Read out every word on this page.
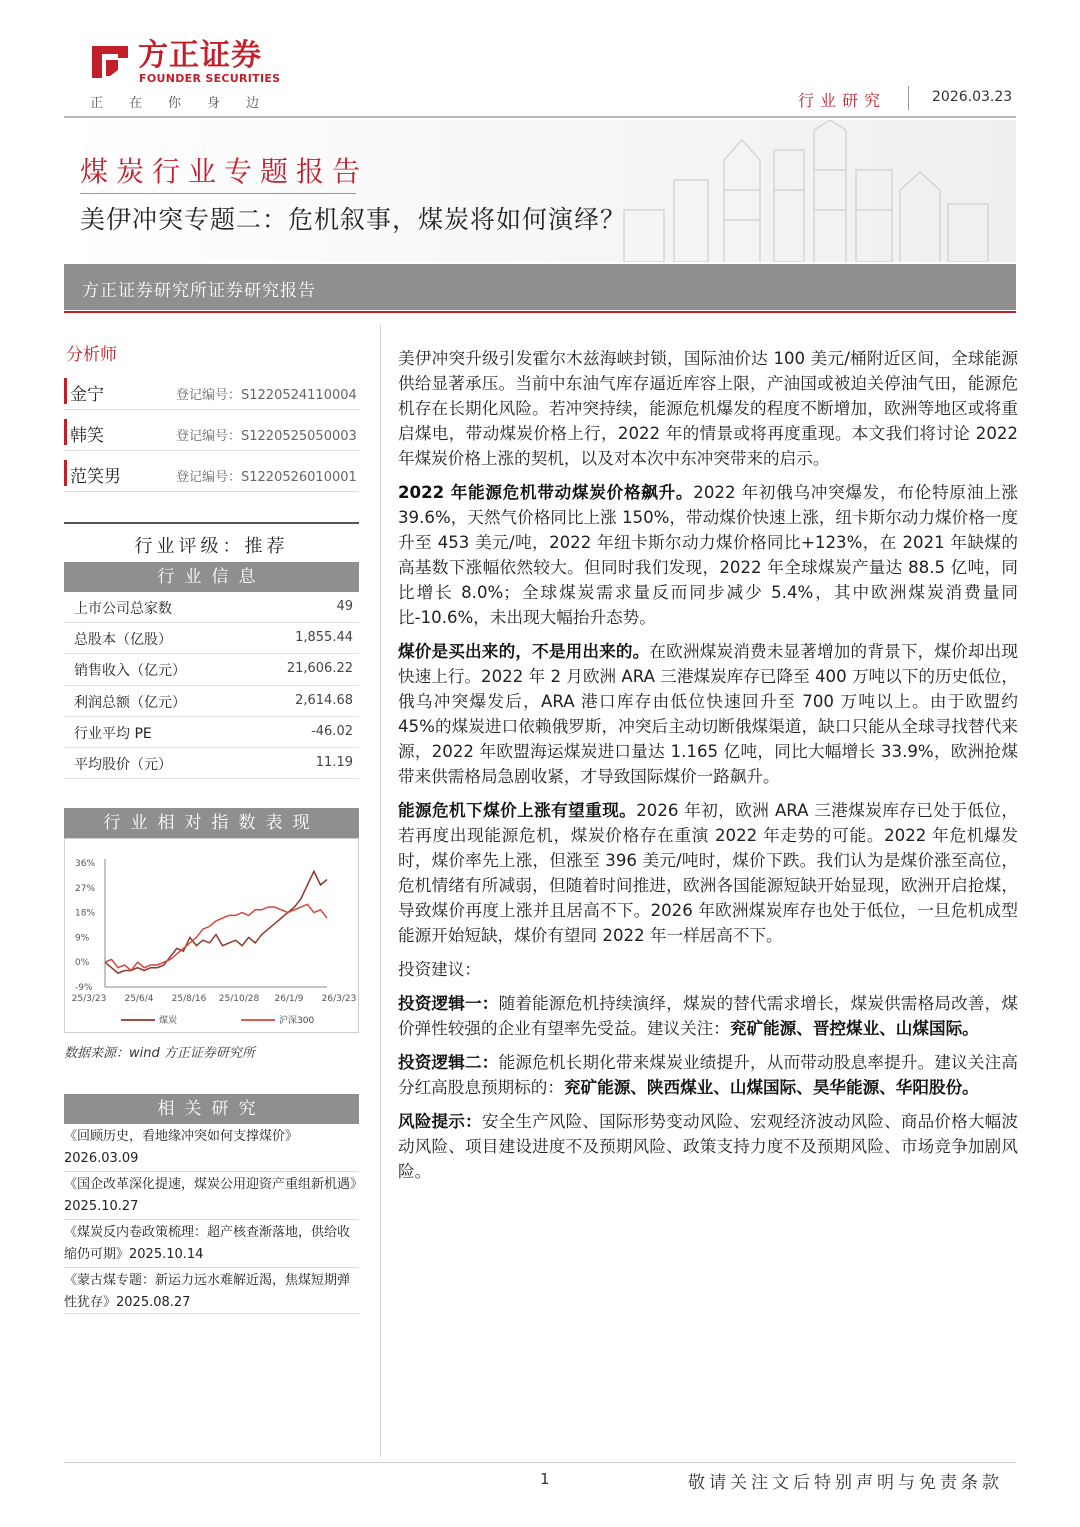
方正证券
FOUNDER SECURITIES
正在你身边	行业研究	2026.03.23
煤炭行业专题报告
美伊冲突专题二：危机叙事，煤炭将如何演绎？
方正证券研究所证券研究报告
分析师
金宁	登记编号：S1220524110004
韩笑	登记编号：S1220525050003
范笑男	登记编号：S1220526010001
行业评级：推荐
行业信息
上市公司总家数	49
总股本（亿股）	1,855.44
销售收入（亿元）	21,606.22
利润总额（亿元）	2,614.68
行业平均 PE	-46.02
平均股价（元）	11.19
行业相对指数表现
36%
27%
18%
9%
0%
-9%
25/3/23 25/6/4 25/8/16 25/10/28 26/1/9 26/3/23
煤炭	沪深300
数据来源：wind 方正证券研究所
相关研究
《回顾历史，看地缘冲突如何支撑煤价》2026.03.09
《国企改革深化提速，煤炭公用迎资产重组新机遇》2025.10.27
《煤炭反内卷政策梳理：超产核查渐落地，供给收缩仍可期》2025.10.14
《蒙古煤专题：新运力远水难解近渴，焦煤短期弹性犹存》2025.08.27

美伊冲突升级引发霍尔木兹海峡封锁，国际油价达 100 美元/桶附近区间，全球能源供给显著承压。当前中东油气库存逼近库容上限，产油国或被迫关停油气田，能源危机存在长期化风险。若冲突持续，能源危机爆发的程度不断增加，欧洲等地区或将重启煤电，带动煤炭价格上行，2022 年的情景或将再度重现。本文我们将讨论 2022 年煤炭价格上涨的契机，以及对本次中东冲突带来的启示。

2022 年能源危机带动煤炭价格飙升。2022 年初俄乌冲突爆发，布伦特原油上涨 39.6%，天然气价格同比上涨 150%，带动煤价快速上涨，纽卡斯尔动力煤价格一度升至 453 美元/吨，2022 年纽卡斯尔动力煤价格同比+123%，在 2021 年缺煤的高基数下涨幅依然较大。但同时我们发现，2022 年全球煤炭产量达 88.5 亿吨，同比增长 8.0%；全球煤炭需求量反而同步减少 5.4%，其中欧洲煤炭消费量同比-10.6%，未出现大幅抬升态势。

煤价是买出来的，不是用出来的。在欧洲煤炭消费未显著增加的背景下，煤价却出现快速上行。2022 年 2 月欧洲 ARA 三港煤炭库存已降至 400 万吨以下的历史低位，俄乌冲突爆发后，ARA 港口库存由低位快速回升至 700 万吨以上。由于欧盟约 45%的煤炭进口依赖俄罗斯，冲突后主动切断俄煤渠道，缺口只能从全球寻找替代来源，2022 年欧盟海运煤炭进口量达 1.165 亿吨，同比大幅增长 33.9%，欧洲抢煤带来供需格局急剧收紧，才导致国际煤价一路飙升。

能源危机下煤价上涨有望重现。2026 年初，欧洲 ARA 三港煤炭库存已处于低位，若再度出现能源危机，煤炭价格存在重演 2022 年走势的可能。2022 年危机爆发时，煤价率先上涨，但涨至 396 美元/吨时，煤价下跌。我们认为是煤价涨至高位，危机情绪有所减弱，但随着时间推进，欧洲各国能源短缺开始显现，欧洲开启抢煤，导致煤价再度上涨并且居高不下。2026 年欧洲煤炭库存也处于低位，一旦危机成型能源开始短缺，煤价有望同 2022 年一样居高不下。

投资建议：

投资逻辑一：随着能源危机持续演绎，煤炭的替代需求增长，煤炭供需格局改善，煤价弹性较强的企业有望率先受益。建议关注：兖矿能源、晋控煤业、山煤国际。

投资逻辑二：能源危机长期化带来煤炭业绩提升，从而带动股息率提升。建议关注高分红高股息预期标的：兖矿能源、陕西煤业、山煤国际、昊华能源、华阳股份。

风险提示：安全生产风险、国际形势变动风险、宏观经济波动风险、商品价格大幅波动风险、项目建设进度不及预期风险、政策支持力度不及预期风险、市场竞争加剧风险。

1	敬请关注文后特别声明与免责条款
